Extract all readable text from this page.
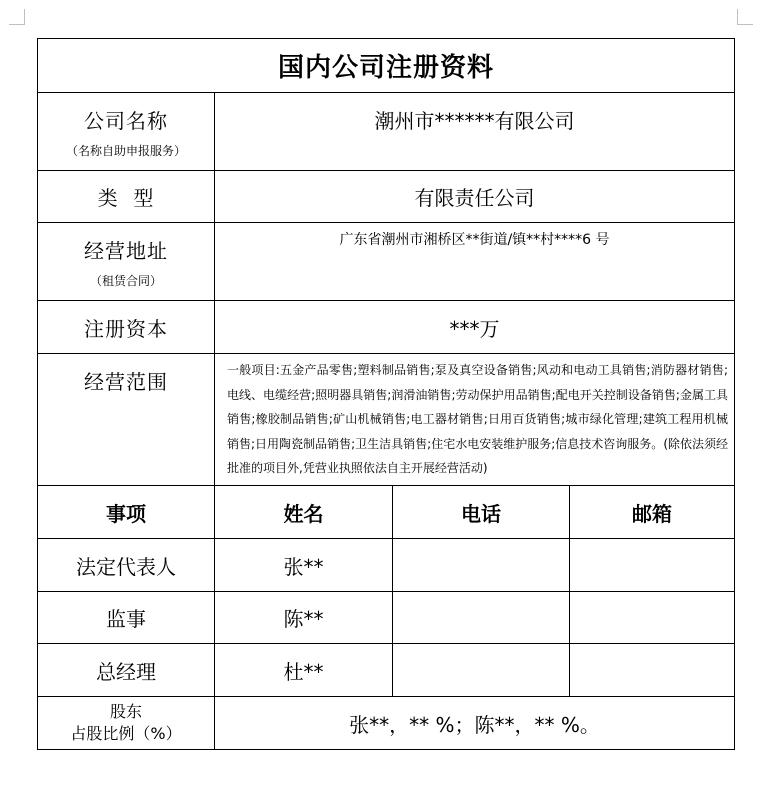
国内公司注册资料			

公司名称
（名称自助申报服务）	潮州市******有限公司		
类  型	有限责任公司		

经营地址
（租赁合同）	广东省潮州市湘桥区**街道/镇**村****6 号		
注册资本	***万		
经营范围	一般项目:五金产品零售;塑料制品销售;泵及真空设备销售;风动和电动工具销售;消防器材销售;电线、电缆经营;照明器具销售;润滑油销售;劳动保护用品销售;配电开关控制设备销售;金属工具销售;橡胶制品销售;矿山机械销售;电工器材销售;日用百货销售;城市绿化管理;建筑工程用机械销售;日用陶瓷制品销售;卫生洁具销售;住宅水电安装维护服务;信息技术咨询服务。(除依法须经批准的项目外,凭营业执照依法自主开展经营活动)		

事项	姓名	电话	邮箱
法定代表人	张**		
监事	陈**		
总经理	杜**		

股东
占股比例（%）	张**，** %；陈**，** %。		
